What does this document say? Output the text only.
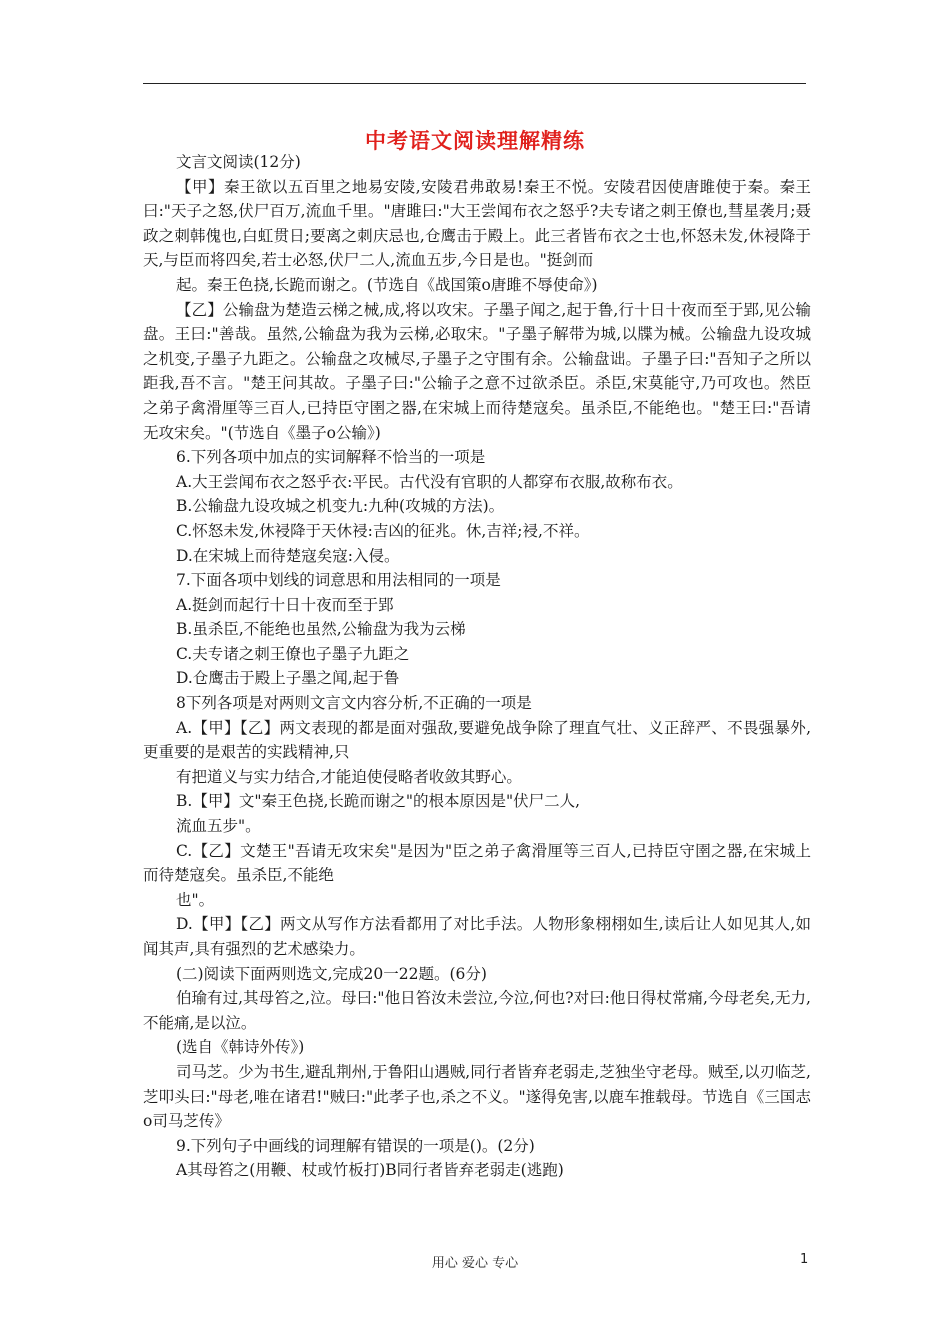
中考语文阅读理解精练

文言文阅读(12分)

【甲】秦王欲以五百里之地易安陵,安陵君弗敢易!秦王不悦。安陵君因使唐雎使于秦。秦王曰:"天子之怒,伏尸百万,流血千里。"唐雎曰:"大王尝闻布衣之怒乎?夫专诸之刺王僚也,彗星袭月;聂政之刺韩傀也,白虹贯日;要离之刺庆忌也,仓鹰击于殿上。此三者皆布衣之士也,怀怒未发,休祲降于天,与臣而将四矣,若士必怒,伏尸二人,流血五步,今日是也。"挺剑而

起。秦王色挠,长跪而谢之。(节选自《战国策o唐雎不辱使命》)

【乙】公输盘为楚造云梯之械,成,将以攻宋。子墨子闻之,起于鲁,行十日十夜而至于郢,见公输盘。王曰:"善哉。虽然,公输盘为我为云梯,必取宋。"子墨子解带为城,以牒为械。公输盘九设攻城之机变,子墨子九距之。公输盘之攻械尽,子墨子之守围有余。公输盘诎。子墨子曰:"吾知子之所以距我,吾不言。"楚王问其故。子墨子曰:"公输子之意不过欲杀臣。杀臣,宋莫能守,乃可攻也。然臣之弟子禽滑厘等三百人,已持臣守圉之器,在宋城上而待楚寇矣。虽杀臣,不能绝也。"楚王曰:"吾请无攻宋矣。"(节选自《墨子o公输》)

6.下列各项中加点的实词解释不恰当的一项是

A.大王尝闻布衣之怒乎衣:平民。古代没有官职的人都穿布衣服,故称布衣。

B.公输盘九设攻城之机变九:九种(攻城的方法)。

C.怀怒未发,休祲降于天休祲:吉凶的征兆。休,吉祥;祲,不祥。

D.在宋城上而待楚寇矣寇:入侵。

7.下面各项中划线的词意思和用法相同的一项是

A.挺剑而起行十日十夜而至于郢

B.虽杀臣,不能绝也虽然,公输盘为我为云梯

C.夫专诸之刺王僚也子墨子九距之

D.仓鹰击于殿上子墨之闻,起于鲁

8下列各项是对两则文言文内容分析,不正确的一项是

A.【甲】【乙】两文表现的都是面对强敌,要避免战争除了理直气壮、义正辞严、不畏强暴外,更重要的是艰苦的实践精神,只

有把道义与实力结合,才能迫使侵略者收敛其野心。

B.【甲】文"秦王色挠,长跪而谢之"的根本原因是"伏尸二人,

流血五步"。

C.【乙】文楚王"吾请无攻宋矣"是因为"臣之弟子禽滑厘等三百人,已持臣守圉之器,在宋城上而待楚寇矣。虽杀臣,不能绝

也"。

D.【甲】【乙】两文从写作方法看都用了对比手法。人物形象栩栩如生,读后让人如见其人,如闻其声,具有强烈的艺术感染力。

(二)阅读下面两则选文,完成20一22题。(6分)

伯瑜有过,其母笞之,泣。母曰:"他日笞汝未尝泣,今泣,何也?对曰:他日得杖常痛,今母老矣,无力,不能痛,是以泣。

(选自《韩诗外传》)

司马芝。少为书生,避乱荆州,于鲁阳山遇贼,同行者皆弃老弱走,芝独坐守老母。贼至,以刃临芝,芝叩头曰:"母老,唯在诸君!"贼曰:"此孝子也,杀之不义。"遂得免害,以鹿车推载母。节选自《三国志o司马芝传》

9.下列句子中画线的词理解有错误的一项是()。(2分)

A其母笞之(用鞭、杖或竹板打)B同行者皆弃老弱走(逃跑)

用心 爱心 专心	1
